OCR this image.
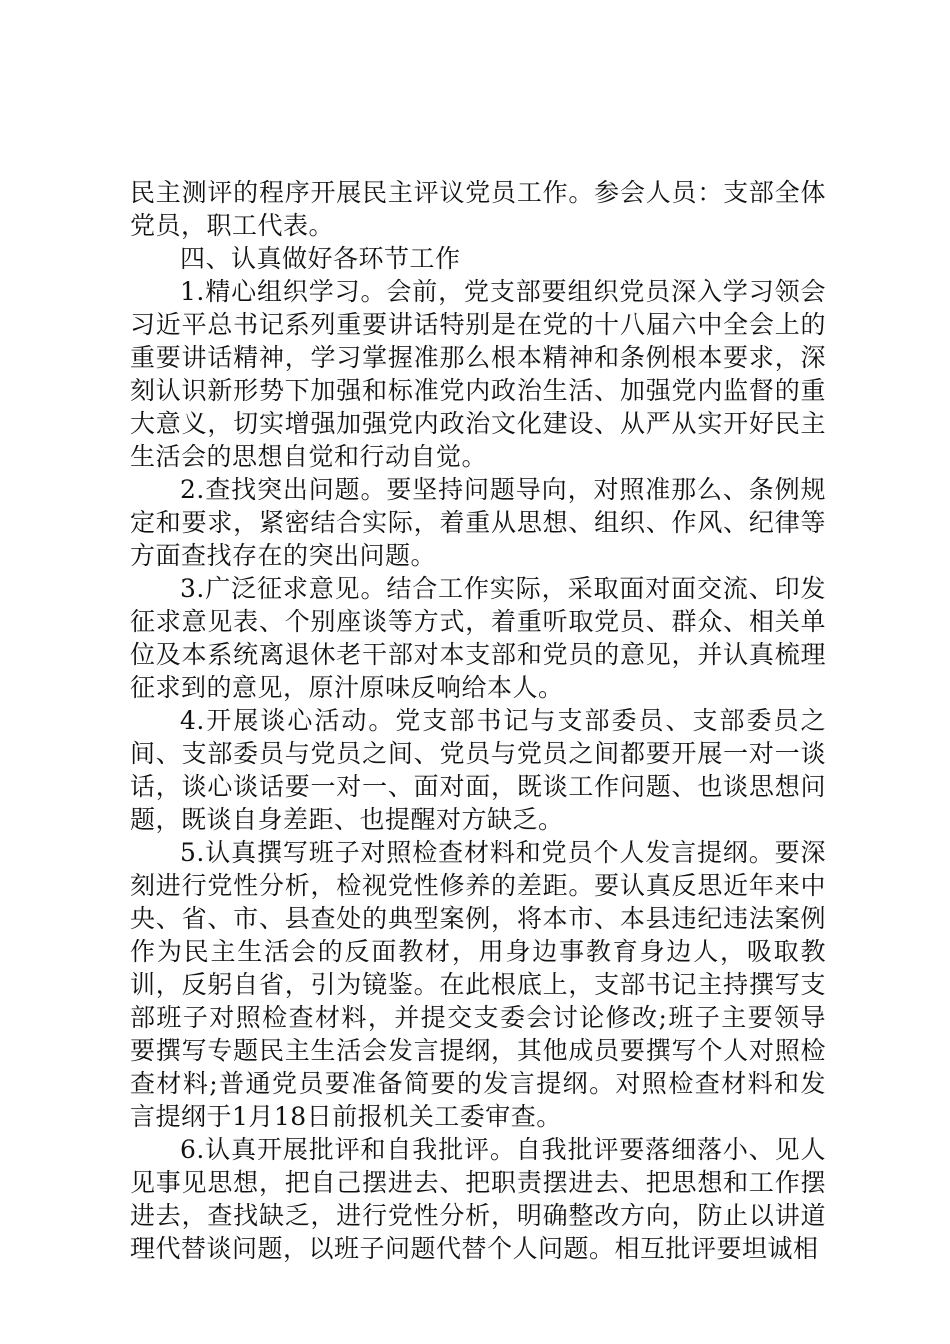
民主测评的程序开展民主评议党员工作。参会人员：支部全体党员，职工代表。

四、认真做好各环节工作

1.精心组织学习。会前，党支部要组织党员深入学习领会习近平总书记系列重要讲话特别是在党的十八届六中全会上的重要讲话精神，学习掌握准那么根本精神和条例根本要求，深刻认识新形势下加强和标准党内政治生活、加强党内监督的重大意义，切实增强加强党内政治文化建设、从严从实开好民主生活会的思想自觉和行动自觉。

2.查找突出问题。要坚持问题导向，对照准那么、条例规定和要求，紧密结合实际，着重从思想、组织、作风、纪律等方面查找存在的突出问题。

3.广泛征求意见。结合工作实际，采取面对面交流、印发征求意见表、个别座谈等方式，着重听取党员、群众、相关单位及本系统离退休老干部对本支部和党员的意见，并认真梳理征求到的意见，原汁原味反响给本人。

4.开展谈心活动。党支部书记与支部委员、支部委员之间、支部委员与党员之间、党员与党员之间都要开展一对一谈话，谈心谈话要一对一、面对面，既谈工作问题、也谈思想问题，既谈自身差距、也提醒对方缺乏。

5.认真撰写班子对照检查材料和党员个人发言提纲。要深刻进行党性分析，检视党性修养的差距。要认真反思近年来中央、省、市、县查处的典型案例，将本市、本县违纪违法案例作为民主生活会的反面教材，用身边事教育身边人，吸取教训，反躬自省，引为镜鉴。在此根底上，支部书记主持撰写支部班子对照检查材料，并提交支委会讨论修改;班子主要领导要撰写专题民主生活会发言提纲，其他成员要撰写个人对照检查材料;普通党员要准备简要的发言提纲。对照检查材料和发言提纲于1月18日前报机关工委审查。

6.认真开展批评和自我批评。自我批评要落细落小、见人见事见思想，把自己摆进去、把职责摆进去、把思想和工作摆进去，查找缺乏，进行党性分析，明确整改方向，防止以讲道理代替谈问题，以班子问题代替个人问题。相互批评要坦诚相
